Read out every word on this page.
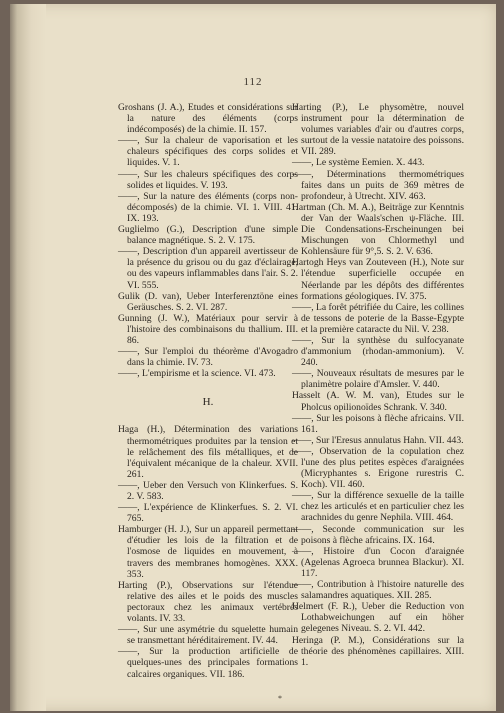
112

Groshans (J. A.), Etudes et considérations sur la nature des éléments (corps indécomposés) de la chimie. II. 157.

——, Sur la chaleur de vaporisation et les chaleurs spécifiques des corps solides et liquides. V. 1.

——, Sur les chaleurs spécifiques des corps solides et liquides. V. 193.

——, Sur la nature des éléments (corps non-décomposés) de la chimie. VI. 1. VIII. 41. IX. 193.

Guglielmo (G.), Description d'une simple balance magnétique. S. 2. V. 175.

——, Description d'un appareil avertisseur de la présence du grisou ou du gaz d'éclairage, ou des vapeurs inflammables dans l'air. S. 2. VI. 555.

Gulik (D. van), Ueber Interferenztöne eines Geräusches. S. 2. VI. 287.

Gunning (J. W.), Matériaux pour servir à l'histoire des combinaisons du thallium. III. 86.

——, Sur l'emploi du théorème d'Avogadro dans la chimie. IV. 73.

——, L'empirisme et la science. VI. 473.

H.

Haga (H.), Détermination des variations thermométriques produites par la tension et le relâchement des fils métalliques, et de l'équivalent mécanique de la chaleur. XVII. 261.

——, Ueber den Versuch von Klinkerfues. S. 2. V. 583.

——, L'expérience de Klinkerfues. S. 2. VI. 765.

Hamburger (H. J.), Sur un appareil permettant d'étudier les lois de la filtration et de l'osmose de liquides en mouvement, à travers des membranes homogènes. XXX. 353.

Harting (P.), Observations sur l'étendue relative des ailes et le poids des muscles pectoraux chez les animaux vertébrés volants. IV. 33.

——, Sur une asymétrie du squelette humain se transmettant héréditairement. IV. 44.

——, Sur la production artificielle de quelques-unes des principales formations calcaires organiques. VII. 186.

Harting (P.), Le physomètre, nouvel instrument pour la détermination de volumes variables d'air ou d'autres corps, surtout de la vessie natatoire des poissons. VII. 289.

——, Le système Eemien. X. 443.

——, Déterminations thermométriques faites dans un puits de 369 mètres de profondeur, à Utrecht. XIV. 463.

Hartman (Ch. M. A.), Beiträge zur Kenntnis der Van der Waals'schen ψ-Fläche. III. Die Condensations-Erscheinungen bei Mischungen von Chlormethyl und Kohlensäure für 9°,5. S. 2. V. 636.

Hartogh Heys van Zouteveen (H.), Note sur l'étendue superficielle occupée en Néerlande par les dépôts des différentes formations géologiques. IV. 375.

——, La forêt pétrifiée du Caire, les collines de tessons de poterie de la Basse-Egypte et la première cataracte du Nil. V. 238.

——, Sur la synthèse du sulfocyanate d'ammonium (rhodan-ammonium). V. 240.

——, Nouveaux résultats de mesures par le planimètre polaire d'Amsler. V. 440.

Hasselt (A. W. M. van), Etudes sur le Pholcus opilionoïdes Schrank. V. 340.

——, Sur les poisons à flèche africains. VII. 161.

——, Sur l'Eresus annulatus Hahn. VII. 443.

——, Observation de la copulation chez l'une des plus petites espèces d'araignées (Micryphantes s. Erigone rurestris C. Koch). VII. 460.

——, Sur la différence sexuelle de la taille chez les articulés et en particulier chez les arachnides du genre Nephila. VIII. 464.

——, Seconde communication sur les poisons à flèche africains. IX. 164.

——, Histoire d'un Cocon d'araignée (Agelenas Agroeca brunnea Blackur). XI. 117.

——, Contribution à l'histoire naturelle des salamandres aquatiques. XII. 285.

Helmert (F. R.), Ueber die Reduction von Lothabweichungen auf ein höher gelegenes Niveau. S. 2. VI. 442.

Heringa (P. M.), Considérations sur la théorie des phénomènes capillaires. XIII. 1.

*
